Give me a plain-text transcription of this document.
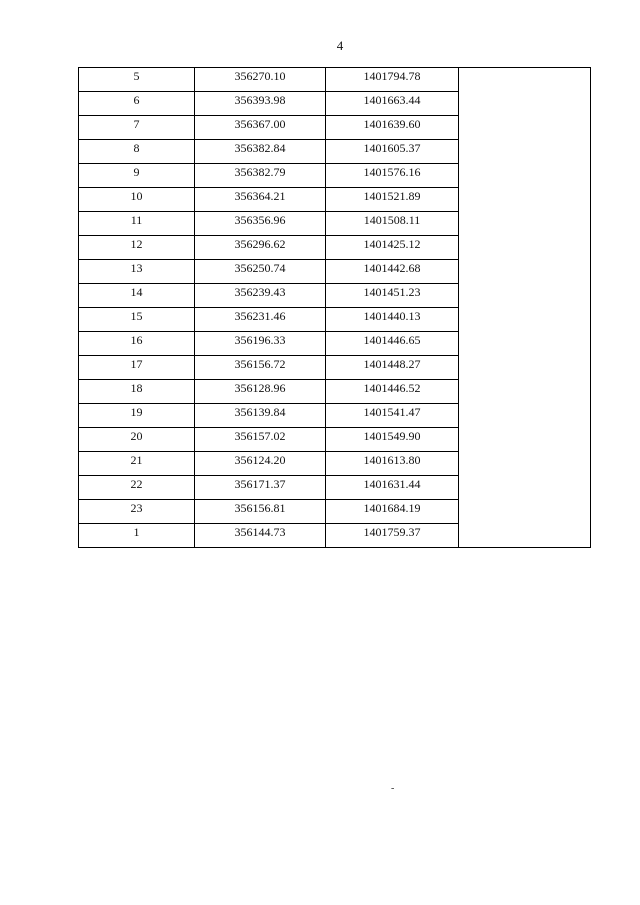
4
5	356270.10	1401794.78	
6	356393.98	1401663.44	
7	356367.00	1401639.60	
8	356382.84	1401605.37	
9	356382.79	1401576.16	
10	356364.21	1401521.89	
11	356356.96	1401508.11	
12	356296.62	1401425.12	
13	356250.74	1401442.68	
14	356239.43	1401451.23	
15	356231.46	1401440.13	
16	356196.33	1401446.65	
17	356156.72	1401448.27	
18	356128.96	1401446.52	
19	356139.84	1401541.47	
20	356157.02	1401549.90	
21	356124.20	1401613.80	
22	356171.37	1401631.44	
23	356156.81	1401684.19	
1	356144.73	1401759.37	
-
